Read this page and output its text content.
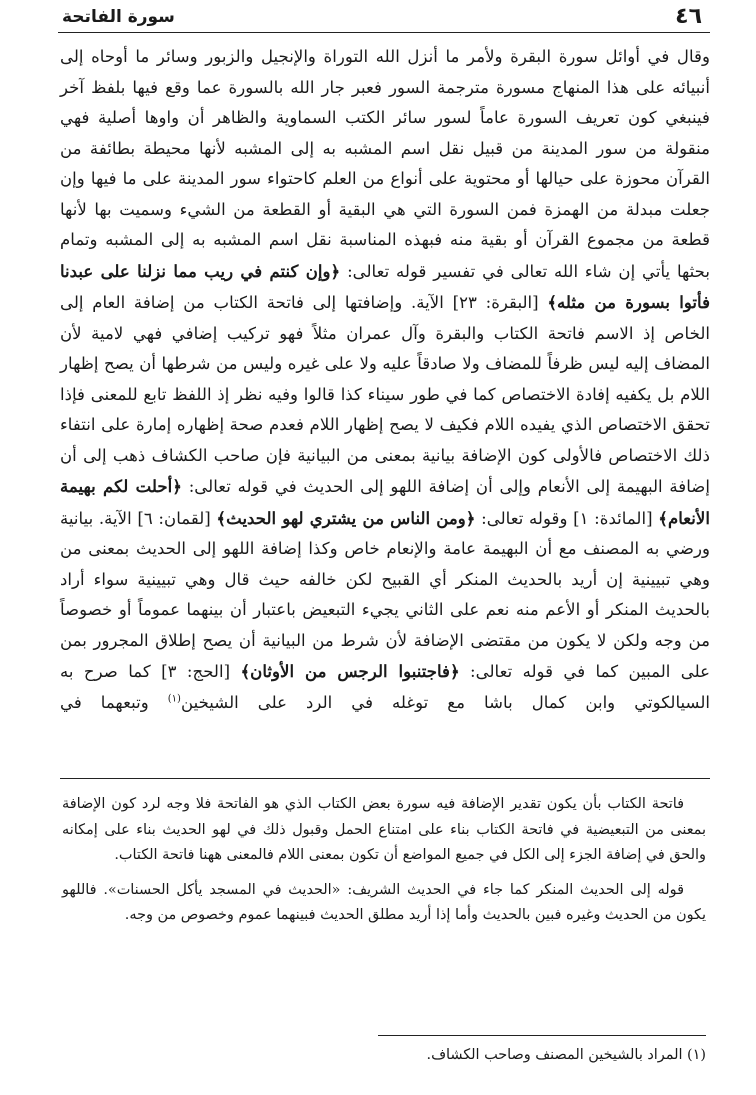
٤٦
سورة الفاتحة

وقال في أوائل سورة البقرة ولأمر ما أنزل الله التوراة والإنجيل والزبور وسائر ما أوحاه إلى أنبيائه على هذا المنهاج مسورة مترجمة السور فعبر جار الله بالسورة عما وقع فيها بلفظ آخر فينبغي كون تعريف السورة عاماً لسور سائر الكتب السماوية والظاهر أن واوها أصلية فهي منقولة من سور المدينة من قبيل نقل اسم المشبه به إلى المشبه لأنها محيطة بطائفة من القرآن محوزة على حيالها أو محتوية على أنواع من العلم كاحتواء سور المدينة على ما فيها وإن جعلت مبدلة من الهمزة فمن السورة التي هي البقية أو القطعة من الشيء وسميت بها لأنها قطعة من مجموع القرآن أو بقية منه فبهذه المناسبة نقل اسم المشبه به إلى المشبه وتمام بحثها يأتي إن شاء الله تعالى في تفسير قوله تعالى: ﴿وإن كنتم في ريب مما نزلنا على عبدنا فأتوا بسورة من مثله﴾ [البقرة: ٢٣] الآية. وإضافتها إلى فاتحة الكتاب من إضافة العام إلى الخاص إذ الاسم فاتحة الكتاب والبقرة وآل عمران مثلاً فهو تركيب إضافي فهي لامية لأن المضاف إليه ليس ظرفاً للمضاف ولا صادقاً عليه ولا على غيره وليس من شرطها أن يصح إظهار اللام بل يكفيه إفادة الاختصاص كما في طور سيناء كذا قالوا وفيه نظر إذ اللفظ تابع للمعنى فإذا تحقق الاختصاص الذي يفيده اللام فكيف لا يصح إظهار اللام فعدم صحة إظهاره إمارة على انتفاء ذلك الاختصاص فالأولى كون الإضافة بيانية بمعنى من البيانية فإن صاحب الكشاف ذهب إلى أن إضافة البهيمة إلى الأنعام وإلى أن إضافة اللهو إلى الحديث في قوله تعالى: ﴿أحلت لكم بهيمة الأنعام﴾ [المائدة: ١] وقوله تعالى: ﴿ومن الناس من يشتري لهو الحديث﴾ [لقمان: ٦] الآية. بيانية ورضي به المصنف مع أن البهيمة عامة والإنعام خاص وكذا إضافة اللهو إلى الحديث بمعنى من وهي تبيينية إن أريد بالحديث المنكر أي القبيح لكن خالفه حيث قال وهي تبيينية سواء أراد بالحديث المنكر أو الأعم منه نعم على الثاني يجيء التبعيض باعتبار أن بينهما عموماً أو خصوصاً من وجه ولكن لا يكون من مقتضى الإضافة لأن شرط من البيانية أن يصح إطلاق المجرور بمن على المبين كما في قوله تعالى: ﴿فاجتنبوا الرجس من الأوثان﴾ [الحج: ٣] كما صرح به السيالكوتي وابن كمال باشا مع توغله في الرد على الشيخين$^{(١)}$ وتبعهما في

فاتحة الكتاب بأن يكون تقدير الإضافة فيه سورة بعض الكتاب الذي هو الفاتحة فلا وجه لرد كون الإضافة بمعنى من التبعيضية في فاتحة الكتاب بناء على امتناع الحمل وقبول ذلك في لهو الحديث بناء على إمكانه والحق في إضافة الجزء إلى الكل في جميع المواضع أن تكون بمعنى اللام فالمعنى ههنا فاتحة الكتاب.

قوله إلى الحديث المنكر كما جاء في الحديث الشريف: «الحديث في المسجد يأكل الحسنات». فاللهو يكون من الحديث وغيره فبين بالحديث وأما إذا أريد مطلق الحديث فبينهما عموم وخصوص من وجه.

(١) المراد بالشيخين المصنف وصاحب الكشاف.
